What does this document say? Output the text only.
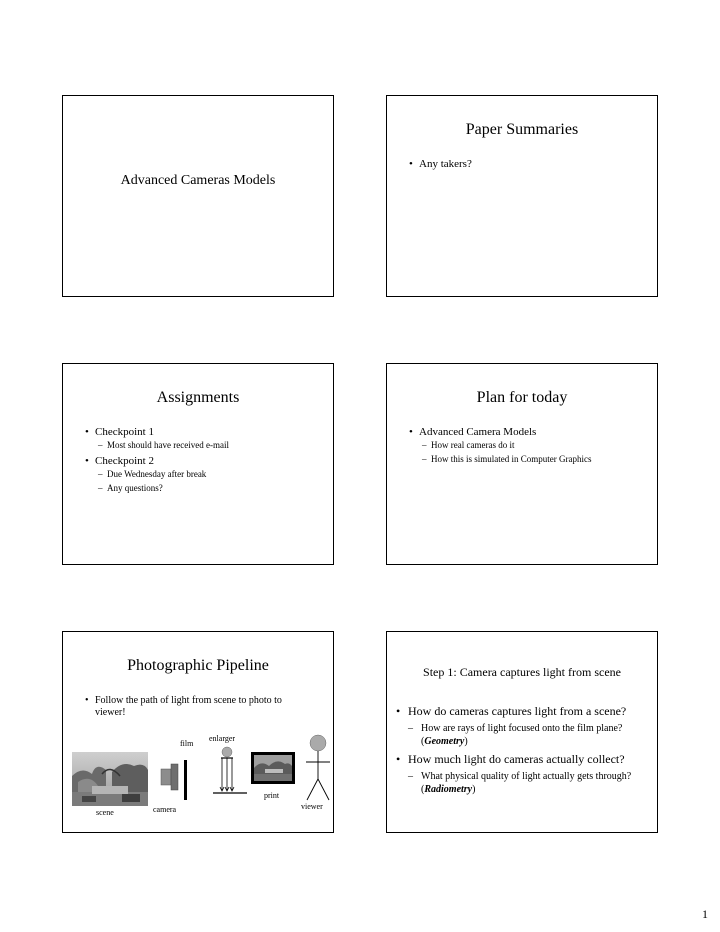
Advanced Cameras Models
Paper Summaries
• Any takers?
Assignments
• Checkpoint 1
– Most should have received e-mail
• Checkpoint 2
– Due Wednesday after break
– Any questions?
Plan for today
• Advanced Camera Models
– How real cameras do it
– How this is simulated in Computer Graphics
Photographic Pipeline
• Follow the path of light from scene to photo to viewer!
film
enlarger
print
viewer
camera
scene
Step 1: Camera captures light from scene
• How do cameras captures light from a scene?
– How are rays of light focused onto the film plane? (Geometry)
• How much light do cameras actually collect?
– What physical quality of light actually gets through? (Radiometry)
1
